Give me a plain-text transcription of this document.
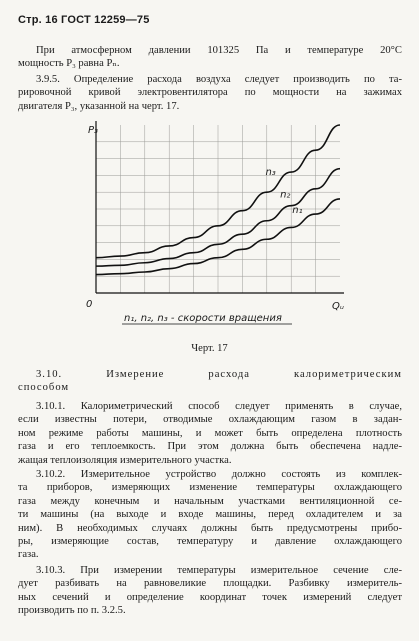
Стр. 16 ГОСТ 12259—75
При атмосферном давлении 101325 Па и температуре 20°С
мощность P₃ равна Pₙ.
3.9.5. Определение расхода воздуха следует производить по та-
рировочной кривой электровентилятора по мощности на зажимах
двигателя P₃, указанной на черт. 17.
n₃
n₂
n₁
P₃
Qᵤ
0
n₁, n₂, n₃ - скорости вращения
Черт. 17
3.10. Измерение расхода калориметрическим
способом
3.10.1. Калориметрический способ следует применять в случае,
если известны потери, отводимые охлаждающим газом в задан-
ном режиме работы машины, и может быть определена плотность
газа и его теплоемкость. При этом должна быть обеспечена надле-
жащая теплоизоляция измерительного участка.
3.10.2. Измерительное устройство должно состоять из комплек-
та приборов, измеряющих изменение температуры охлаждающего
газа между конечным и начальным участками вентиляционной се-
ти машины (на выходе и входе машины, перед охладителем и за
ним). В необходимых случаях должны быть предусмотрены прибо-
ры, измеряющие состав, температуру и давление охлаждающего
газа.
3.10.3. При измерении температуры измерительное сечение сле-
дует разбивать на равновеликие площадки. Разбивку измеритель-
ных сечений и определение координат точек измерений следует
производить по п. 3.2.5.
